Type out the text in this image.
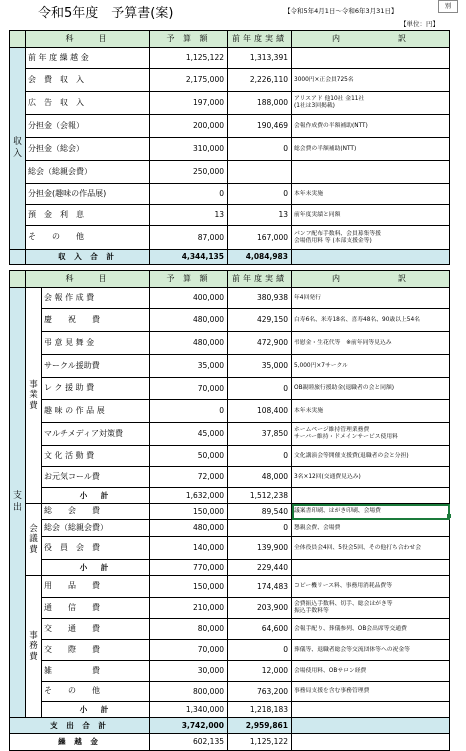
令和5年度　予算書(案)	【令和5年4月1日～令和6年3月31日】
【単位：円】
別
	科　　目	予 算 額	前年度実績	内　　　　　訳
収入	前 年 度 繰 越 金	1,125,122	1,313,391	
	会　費　収　入	2,175,000	2,226,110	3000円×正会員725名
	広　告　収　入	197,000	188,000	アリスアド 他10社 金11社
(1社は3回掲載)
	分担金（会報）	200,000	190,469	会報作成費の半額補助(NTT)
	分担金（総会）	310,000	0	総会費の半額補助(NTT)
	総会（総親会費）	250,000		
	分担金(趣味の作品展)	0	0	本年未実施
	預　金　利　息	13	13	前年度実績と同額
	そ　　の　　他	87,000	167,000	パンフ配布手数料、会員募集等援
会場借用料 等 (本部支援金等)
	収 入 合 計	4,344,135	4,084,983	
	科　　目		予 算 額	前年度実績	内　　　　　訳
支出	事業費	会 報 作 成 費	400,000	380,938	年4回発行
		慶　　祝　　費	480,000	429,150	白寿6名、米寿18名、喜寿48名、90歳以上54名
		弔 意 見 舞 金	480,000	472,900	弔慰金・生花代等　※前年同等見込み
		サークル援助費	35,000	35,000	5,000円×7サークル
		レ ク 援 助 費	70,000	0	OB親睦旅行援助金(退職者の会と同額)
		趣 味 の 作 品 展	0	108,400	本年未実施
		マルチメディア対策費	45,000	37,850	ホームページ維持管理業務費
サーバー維持・ドメインサービス使用料
		文 化 活 動 費	50,000	0	文化講演会等開催支援費(退職者の会と分担)
		お元気コール費	72,000	48,000	3名×12回(交通費見込み)
		小　計	1,632,000	1,512,238	
	会議費	総　　会　　費	150,000	89,540	議案書印刷、はがき印刷、会場費
		総会（総親会費）	480,000	0	懇親会費、会場費
		役　員　会　費	140,000	139,900	全体役員会4回、5役会5回、その他打ち合わせ会
		小　計	770,000	229,440	
	事務費	用　　品　　費	150,000	174,483	コピー機リース料、事務用消耗品費等
		通　　信　　費	210,000	203,900	会費振込手数料、切手、総会はがき等
振込手数料等
		交　　通　　費	80,000	64,600	会報手配り、葬儀参列、OB会出席等交通費
		交　　際　　費	70,000	0	葬儀等、退職者総会等交流団体等への祝金等
		雑　　　　　費	30,000	12,000	会場使用料、OBサロン経費
		そ　　の　　他	800,000	763,200	事務局支援を含む事務管理費
		小　計	1,340,000	1,218,183	
支 出 合 計			3,742,000	2,959,861	
繰 越 金			602,135	1,125,122	
